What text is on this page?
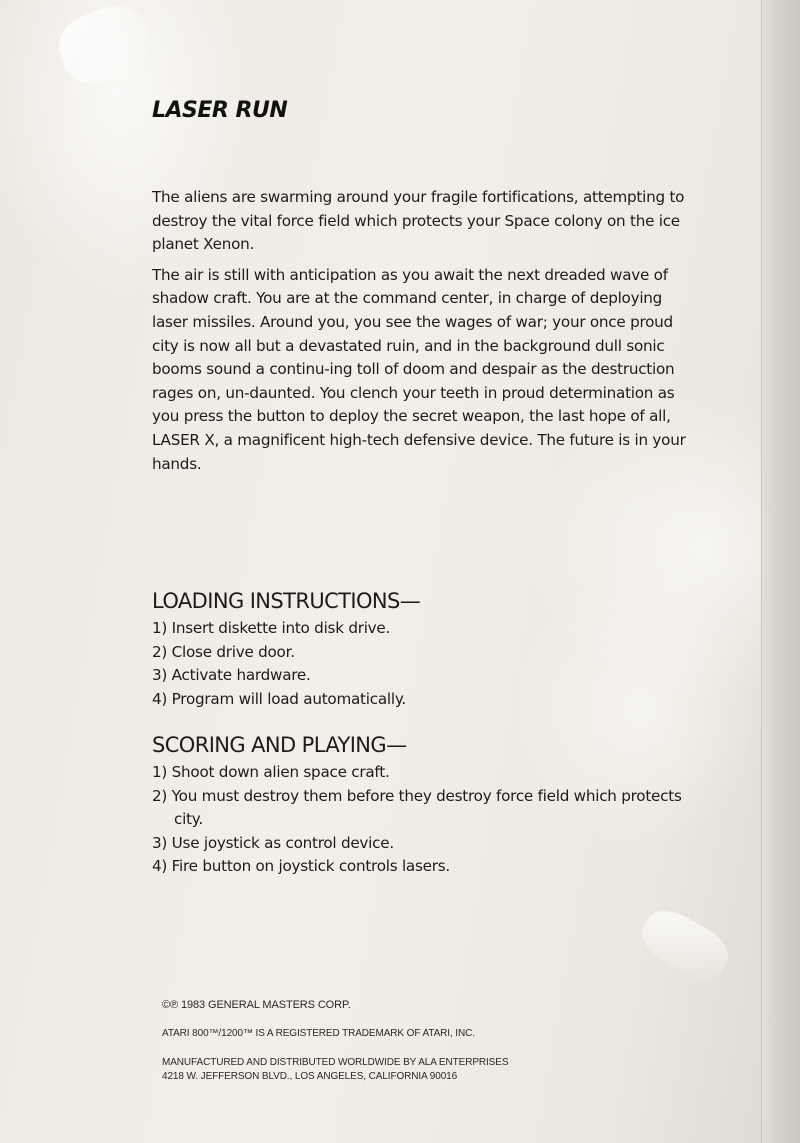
LASER RUN

The aliens are swarming around your fragile fortifications, attempting to destroy the vital force field which protects your Space colony on the ice planet Xenon.

The air is still with anticipation as you await the next dreaded wave of shadow craft. You are at the command center, in charge of deploying laser missiles. Around you, you see the wages of war; your once proud city is now all but a devastated ruin, and in the background dull sonic booms sound a continu-ing toll of doom and despair as the destruction rages on, un-daunted. You clench your teeth in proud determination as you press the button to deploy the secret weapon, the last hope of all, LASER X, a magnificent high-tech defensive device. The future is in your hands.

LOADING INSTRUCTIONS—
1) Insert diskette into disk drive.
2) Close drive door.
3) Activate hardware.
4) Program will load automatically.
SCORING AND PLAYING—
1) Shoot down alien space craft.
2) You must destroy them before they destroy force field which protects city.
3) Use joystick as control device.
4) Fire button on joystick controls lasers.
©℗ 1983 GENERAL MASTERS CORP.
ATARI 800™/1200™ IS A REGISTERED TRADEMARK OF ATARI, INC.
MANUFACTURED AND DISTRIBUTED WORLDWIDE BY ALA ENTERPRISES
4218 W. JEFFERSON BLVD., LOS ANGELES, CALIFORNIA 90016
